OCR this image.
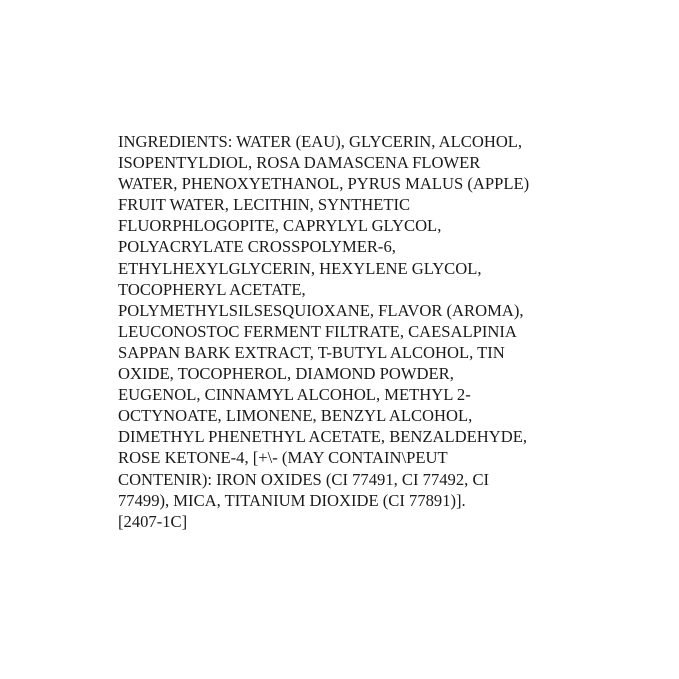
INGREDIENTS: WATER (EAU), GLYCERIN, ALCOHOL,
ISOPENTYLDIOL, ROSA DAMASCENA FLOWER
WATER, PHENOXYETHANOL, PYRUS MALUS (APPLE)
FRUIT WATER, LECITHIN, SYNTHETIC
FLUORPHLOGOPITE, CAPRYLYL GLYCOL,
POLYACRYLATE CROSSPOLYMER-6,
ETHYLHEXYLGLYCERIN, HEXYLENE GLYCOL,
TOCOPHERYL ACETATE,
POLYMETHYLSILSESQUIOXANE, FLAVOR (AROMA),
LEUCONOSTOC FERMENT FILTRATE, CAESALPINIA
SAPPAN BARK EXTRACT, T-BUTYL ALCOHOL, TIN
OXIDE, TOCOPHEROL, DIAMOND POWDER,
EUGENOL, CINNAMYL ALCOHOL, METHYL 2-
OCTYNOATE, LIMONENE, BENZYL ALCOHOL,
DIMETHYL PHENETHYL ACETATE, BENZALDEHYDE,
ROSE KETONE-4, [+\- (MAY CONTAIN\PEUT
CONTENIR): IRON OXIDES (CI 77491, CI 77492, CI
77499), MICA, TITANIUM DIOXIDE (CI 77891)].
[2407-1C]
